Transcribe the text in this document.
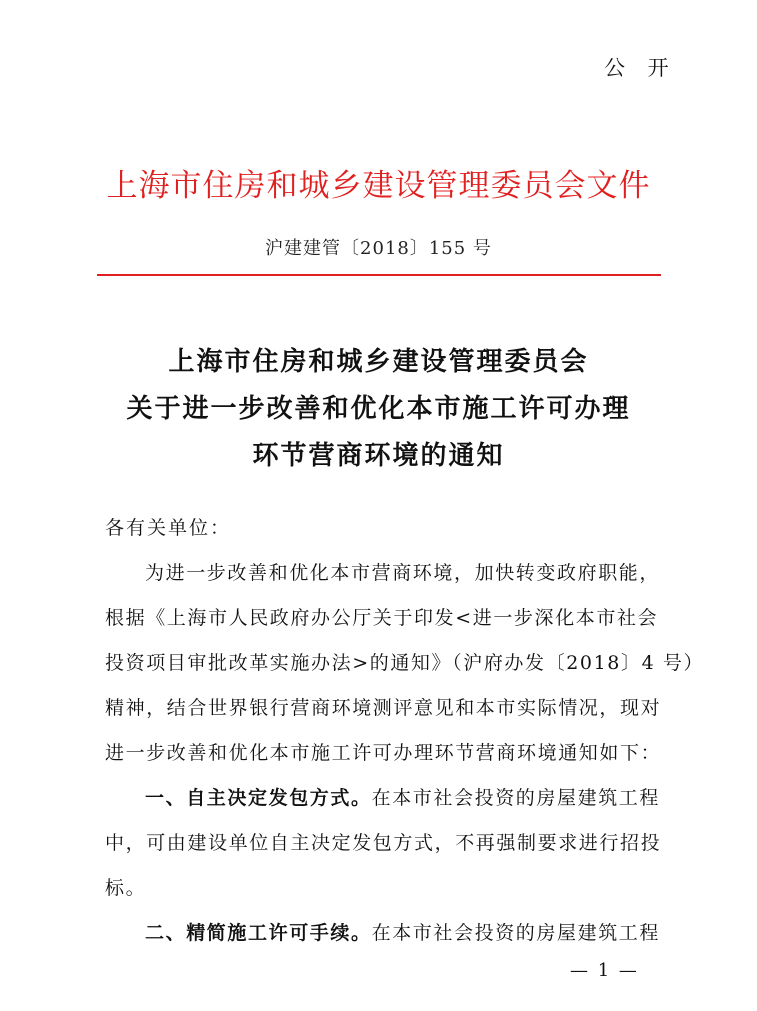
公 开
上海市住房和城乡建设管理委员会文件
沪建建管〔2018〕155 号
上海市住房和城乡建设管理委员会
关于进一步改善和优化本市施工许可办理
环节营商环境的通知
各有关单位：
为进一步改善和优化本市营商环境，加快转变政府职能，
根据《上海市人民政府办公厅关于印发<进一步深化本市社会
投资项目审批改革实施办法>的通知》（沪府办发〔2018〕4 号）
精神，结合世界银行营商环境测评意见和本市实际情况，现对
进一步改善和优化本市施工许可办理环节营商环境通知如下：
一、自主决定发包方式。在本市社会投资的房屋建筑工程
中，可由建设单位自主决定发包方式，不再强制要求进行招投
标。
二、精简施工许可手续。在本市社会投资的房屋建筑工程
— 1 —
